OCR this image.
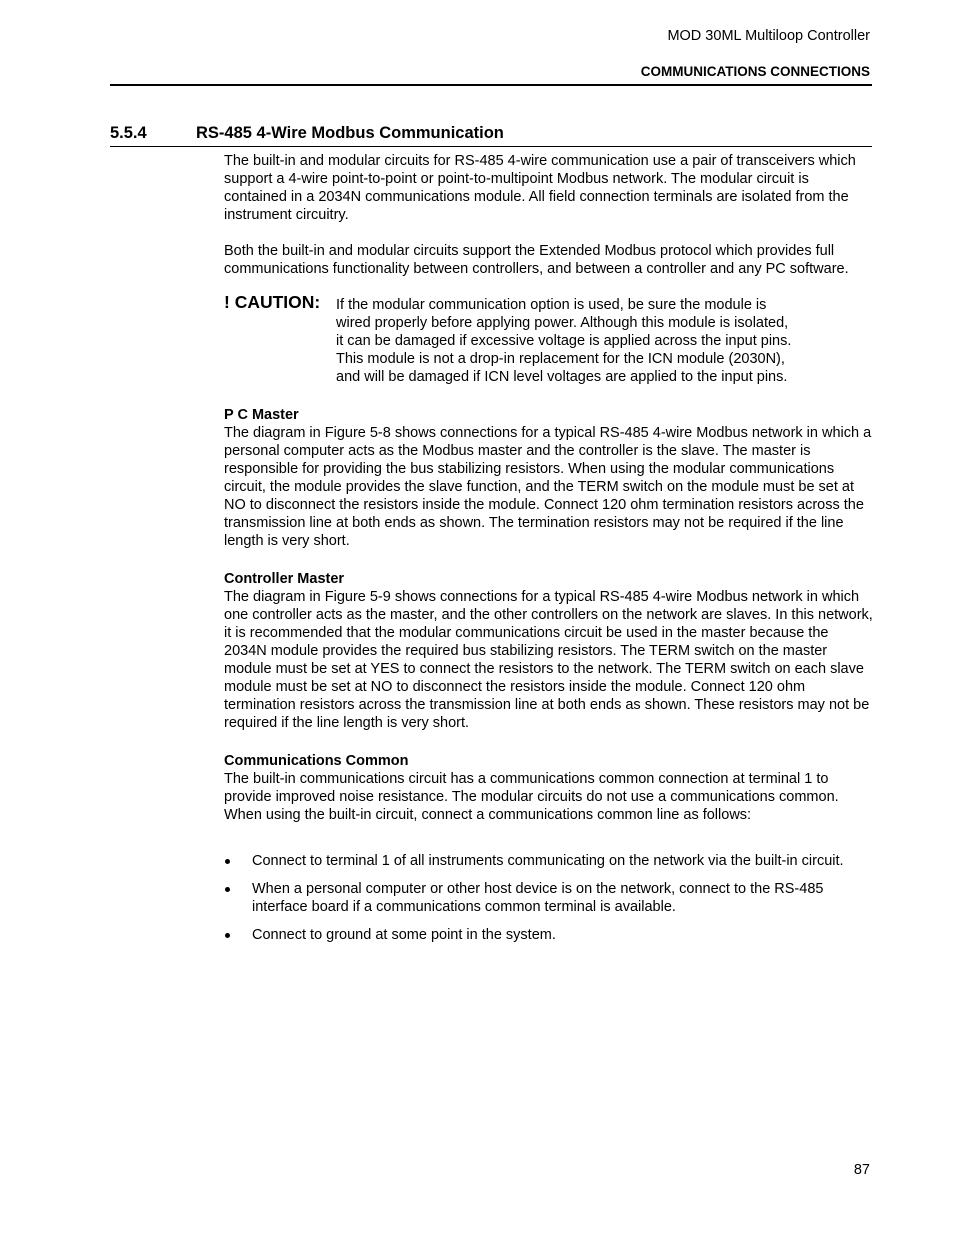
MOD 30ML Multiloop Controller
COMMUNICATIONS CONNECTIONS
5.5.4	RS-485 4-Wire Modbus Communication

The built-in and modular circuits for RS-485 4-wire communication use a pair of transceivers which support a 4-wire point-to-point or point-to-multipoint Modbus network. The modular circuit is contained in a 2034N communications module. All field connection terminals are isolated from the instrument circuitry.

Both the built-in and modular circuits support the Extended Modbus protocol which provides full communications functionality between controllers, and between a controller and any PC software.

! CAUTION: If the modular communication option is used, be sure the module is
wired properly before applying power. Although this module is isolated,
it can be damaged if excessive voltage is applied across the input pins.
This module is not a drop-in replacement for the ICN module (2030N),
and will be damaged if ICN level voltages are applied to the input pins.

P C Master

The diagram in Figure 5-8 shows connections for a typical RS-485 4-wire Modbus network in which a personal computer acts as the Modbus master and the controller is the slave. The master is responsible for providing the bus stabilizing resistors. When using the modular communications circuit, the module provides the slave function, and the TERM switch on the module must be set at NO to disconnect the resistors inside the module. Connect 120 ohm termination resistors across the transmission line at both ends as shown. The termination resistors may not be required if the line length is very short.

Controller Master

The diagram in Figure 5-9 shows connections for a typical RS-485 4-wire Modbus network in which one controller acts as the master, and the other controllers on the network are slaves. In this network, it is recommended that the modular communications circuit be used in the master because the 2034N module provides the required bus stabilizing resistors. The TERM switch on the master module must be set at YES to connect the resistors to the network. The TERM switch on each slave module must be set at NO to disconnect the resistors inside the module. Connect 120 ohm termination resistors across the transmission line at both ends as shown. These resistors may not be required if the line length is very short.

Communications Common

The built-in communications circuit has a communications common connection at terminal 1 to provide improved noise resistance. The modular circuits do not use a communications common. When using the built-in circuit, connect a communications common line as follows:

Connect to terminal 1 of all instruments communicating on the network via the built-in circuit.
When a personal computer or other host device is on the network, connect to the RS-485 interface board if a communications common terminal is available.
Connect to ground at some point in the system.
87
